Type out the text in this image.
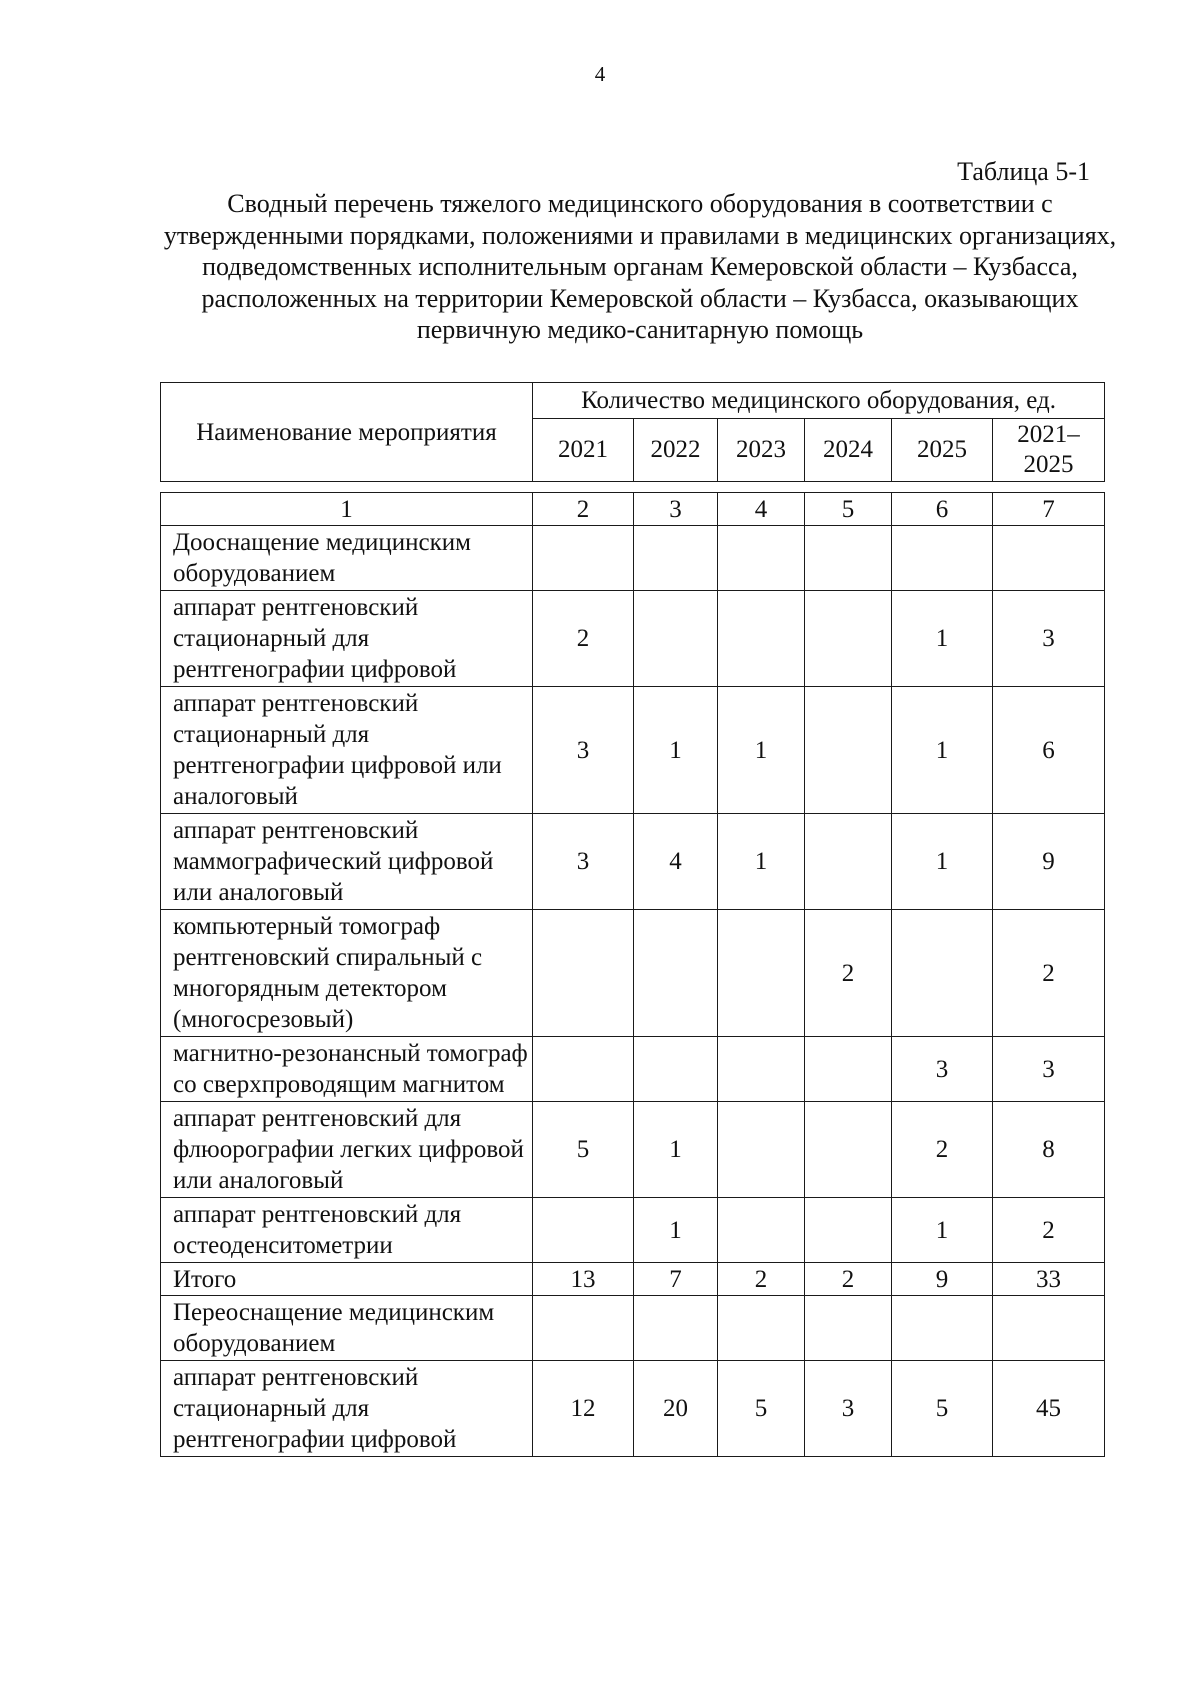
4
Таблица 5-1
Сводный перечень тяжелого медицинского оборудования в соответствии с утвержденными порядками, положениями и правилами в медицинских организациях, подведомственных исполнительным органам Кемеровской области – Кузбасса, расположенных на территории Кемеровской области – Кузбасса, оказывающих первичную медико-санитарную помощь
Наименование мероприятия	Количество медицинского оборудования, ед.					
	2021	2022	2023	2024	2025	2021–2025
1	2	3	4	5	6	7
Дооснащение медицинским оборудованием						
аппарат рентгеновский стационарный для рентгенографии цифровой	2				1	3
аппарат рентгеновский стационарный для рентгенографии цифровой или аналоговый	3	1	1		1	6
аппарат рентгеновский маммографический цифровой или аналоговый	3	4	1		1	9
компьютерный томограф рентгеновский спиральный с многорядным детектором (многосрезовый)				2		2
магнитно-резонансный томограф со сверхпроводящим магнитом					3	3
аппарат рентгеновский для флюорографии легких цифровой или аналоговый	5	1			2	8
аппарат рентгеновский для остеоденситометрии		1			1	2
Итого	13	7	2	2	9	33
Переоснащение медицинским оборудованием						
аппарат рентгеновский стационарный для рентгенографии цифровой	12	20	5	3	5	45
